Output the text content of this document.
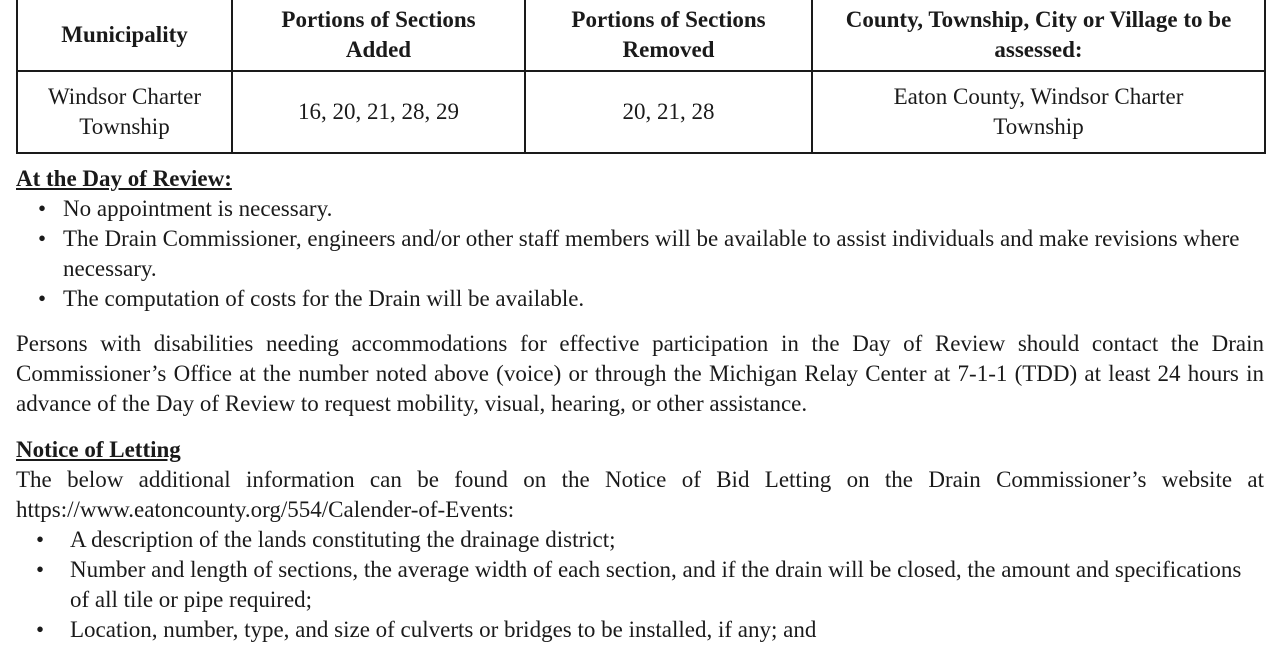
Municipality	Portions of Sections Added	Portions of Sections Removed	County, Township, City or Village to be assessed:
Windsor Charter Township	16, 20, 21, 28, 29	20, 21, 28	Eaton County, Windsor Charter Township
At the Day of Review:
• No appointment is necessary.
• The Drain Commissioner, engineers and/or other staff members will be available to assist individuals and make revisions where necessary.
• The computation of costs for the Drain will be available.
Persons with disabilities needing accommodations for effective participation in the Day of Review should contact the Drain Commissioner’s Office at the number noted above (voice) or through the Michigan Relay Center at 7-1-1 (TDD) at least 24 hours in advance of the Day of Review to request mobility, visual, hearing, or other assistance.
Notice of Letting
The below additional information can be found on the Notice of Bid Letting on the Drain Commissioner’s website at https://www.eatoncounty.org/554/Calender-of-Events:
• A description of the lands constituting the drainage district;
• Number and length of sections, the average width of each section, and if the drain will be closed, the amount and specifications of all tile or pipe required;
• Location, number, type, and size of culverts or bridges to be installed, if any; and
